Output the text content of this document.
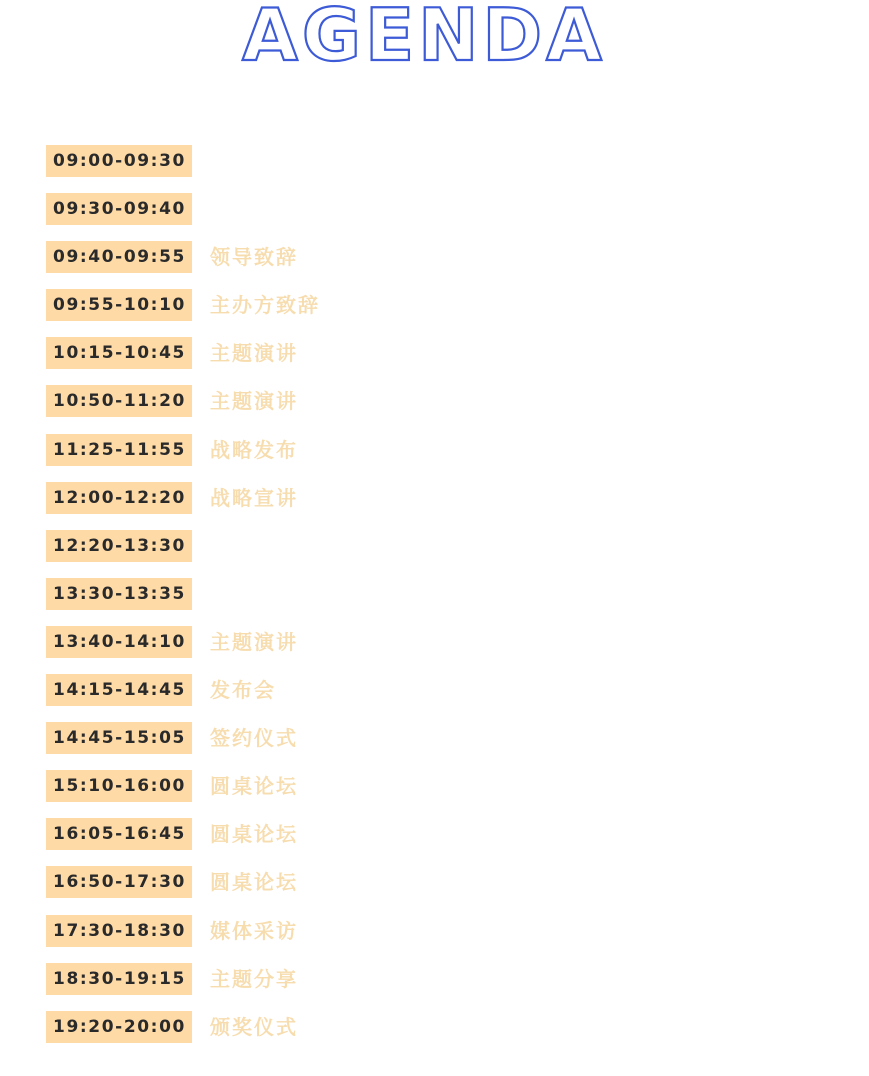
AGENDA
09:00-09:30
09:30-09:40
09:40-09:55	领导致辞
09:55-10:10	主办方致辞
10:15-10:45	主题演讲
10:50-11:20	主题演讲
11:25-11:55	战略发布
12:00-12:20	战略宣讲
12:20-13:30
13:30-13:35
13:40-14:10	主题演讲
14:15-14:45	发布会
14:45-15:05	签约仪式
15:10-16:00	圆桌论坛
16:05-16:45	圆桌论坛
16:50-17:30	圆桌论坛
17:30-18:30	媒体采访
18:30-19:15	主题分享
19:20-20:00	颁奖仪式
